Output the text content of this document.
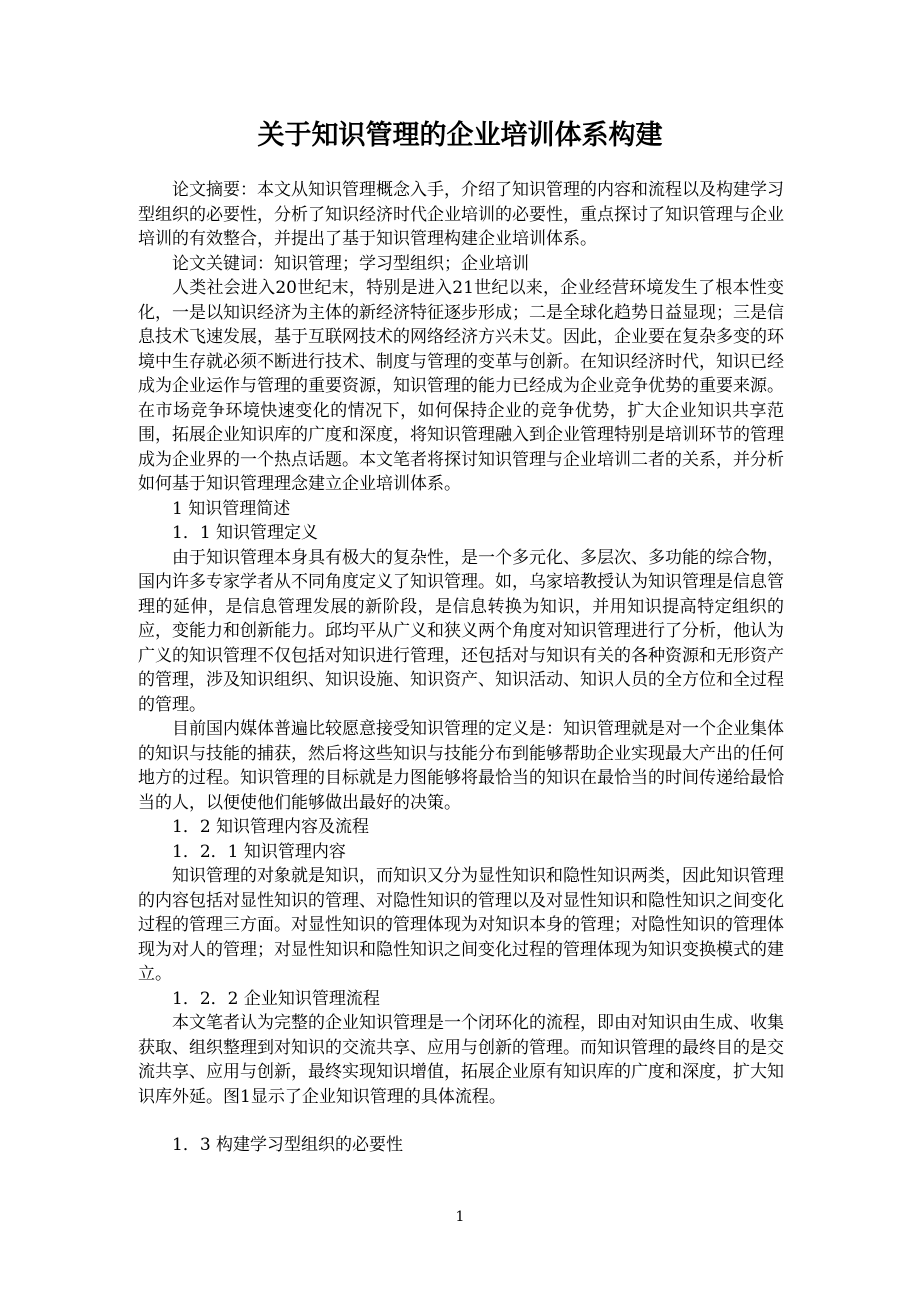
关于知识管理的企业培训体系构建

论文摘要：本文从知识管理概念入手，介绍了知识管理的内容和流程以及构建学习型组织的必要性，分析了知识经济时代企业培训的必要性，重点探讨了知识管理与企业培训的有效整合，并提出了基于知识管理构建企业培训体系。

论文关键词：知识管理；学习型组织；企业培训

人类社会进入20世纪末，特别是进入21世纪以来，企业经营环境发生了根本性变化，一是以知识经济为主体的新经济特征逐步形成；二是全球化趋势日益显现；三是信息技术飞速发展，基于互联网技术的网络经济方兴未艾。因此，企业要在复杂多变的环境中生存就必须不断进行技术、制度与管理的变革与创新。在知识经济时代，知识已经成为企业运作与管理的重要资源，知识管理的能力已经成为企业竞争优势的重要来源。在市场竞争环境快速变化的情况下，如何保持企业的竞争优势，扩大企业知识共享范围，拓展企业知识库的广度和深度，将知识管理融入到企业管理特别是培训环节的管理成为企业界的一个热点话题。本文笔者将探讨知识管理与企业培训二者的关系，并分析如何基于知识管理理念建立企业培训体系。

1 知识管理简述

1．1 知识管理定义

由于知识管理本身具有极大的复杂性，是一个多元化、多层次、多功能的综合物，国内许多专家学者从不同角度定义了知识管理。如，乌家培教授认为知识管理是信息管理的延伸，是信息管理发展的新阶段，是信息转换为知识，并用知识提高特定组织的应，变能力和创新能力。邱均平从广义和狭义两个角度对知识管理进行了分析，他认为广义的知识管理不仅包括对知识进行管理，还包括对与知识有关的各种资源和无形资产的管理，涉及知识组织、知识设施、知识资产、知识活动、知识人员的全方位和全过程的管理。

目前国内媒体普遍比较愿意接受知识管理的定义是：知识管理就是对一个企业集体的知识与技能的捕获，然后将这些知识与技能分布到能够帮助企业实现最大产出的任何地方的过程。知识管理的目标就是力图能够将最恰当的知识在最恰当的时间传递给最恰当的人，以便使他们能够做出最好的决策。

1．2 知识管理内容及流程

1．2．1 知识管理内容

知识管理的对象就是知识，而知识又分为显性知识和隐性知识两类，因此知识管理的内容包括对显性知识的管理、对隐性知识的管理以及对显性知识和隐性知识之间变化过程的管理三方面。对显性知识的管理体现为对知识本身的管理；对隐性知识的管理体现为对人的管理；对显性知识和隐性知识之间变化过程的管理体现为知识变换模式的建立。

1．2．2 企业知识管理流程

本文笔者认为完整的企业知识管理是一个闭环化的流程，即由对知识由生成、收集获取、组织整理到对知识的交流共享、应用与创新的管理。而知识管理的最终目的是交流共享、应用与创新，最终实现知识增值，拓展企业原有知识库的广度和深度，扩大知识库外延。图1显示了企业知识管理的具体流程。

1．3 构建学习型组织的必要性

1
